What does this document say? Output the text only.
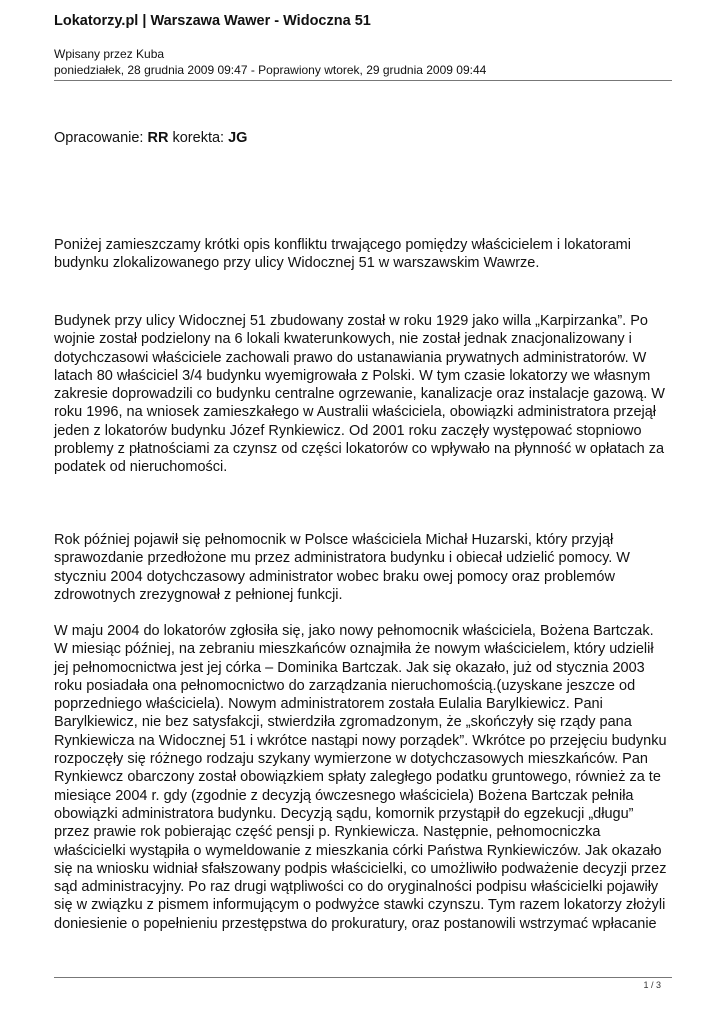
Lokatorzy.pl | Warszawa Wawer - Widoczna 51
Wpisany przez Kuba
poniedziałek, 28 grudnia 2009 09:47 - Poprawiony wtorek, 29 grudnia 2009 09:44
Opracowanie: RR korekta: JG
Poniżej zamieszczamy krótki opis konfliktu trwającego pomiędzy właścicielem i lokatorami
budynku zlokalizowanego przy ulicy Widocznej 51 w warszawskim Wawrze.
Budynek przy ulicy Widocznej 51 zbudowany został w roku 1929 jako willa „Karpirzanka”. Po
wojnie został podzielony na 6 lokali kwaterunkowych, nie został jednak znacjonalizowany i
dotychczasowi właściciele zachowali prawo do ustanawiania prywatnych administratorów. W
latach 80 właściciel 3/4 budynku wyemigrowała z Polski. W tym czasie lokatorzy we własnym
zakresie doprowadzili co budynku centralne ogrzewanie, kanalizacje oraz instalacje gazową. W
roku 1996, na wniosek zamieszkałego w Australii właściciela, obowiązki administratora przejął
jeden z lokatorów budynku Józef Rynkiewicz. Od 2001 roku zaczęły występować stopniowo
problemy z płatnościami za czynsz od części lokatorów co wpływało na płynność w opłatach za
podatek od nieruchomości.
Rok później pojawił się pełnomocnik w Polsce właściciela Michał Huzarski, który przyjął
sprawozdanie przedłożone mu przez administratora budynku i obiecał udzielić pomocy. W
styczniu 2004 dotychczasowy administrator wobec braku owej pomocy oraz problemów
zdrowotnych zrezygnował z pełnionej funkcji.
W maju 2004 do lokatorów zgłosiła się, jako nowy pełnomocnik właściciela, Bożena Bartczak.
W miesiąc później, na zebraniu mieszkańców oznajmiła że nowym właścicielem, który udzielił
jej pełnomocnictwa jest jej córka – Dominika Bartczak. Jak się okazało, już od stycznia 2003
roku posiadała ona pełnomocnictwo do zarządzania nieruchomością.(uzyskane jeszcze od
poprzedniego właściciela). Nowym administratorem została Eulalia Barylkiewicz. Pani
Barylkiewicz, nie bez satysfakcji, stwierdziła zgromadzonym, że „skończyły się rządy pana
Rynkiewicza na Widocznej 51 i wkrótce nastąpi nowy porządek”. Wkrótce po przejęciu budynku
rozpoczęły się różnego rodzaju szykany wymierzone w dotychczasowych mieszkańców. Pan
Rynkiewcz obarczony został obowiązkiem spłaty zaległego podatku gruntowego, również za te
miesiące 2004 r. gdy (zgodnie z decyzją ówczesnego właściciela) Bożena Bartczak pełniła
obowiązki administratora budynku. Decyzją sądu, komornik przystąpił do egzekucji „długu”
przez prawie rok pobierając część pensji p. Rynkiewicza. Następnie, pełnomocniczka
właścicielki wystąpiła o wymeldowanie z mieszkania córki Państwa Rynkiewiczów. Jak okazało
się na wniosku widniał sfałszowany podpis właścicielki, co umożliwiło podważenie decyzji przez
sąd administracyjny. Po raz drugi wątpliwości co do oryginalności podpisu właścicielki pojawiły
się w związku z pismem informującym o podwyżce stawki czynszu. Tym razem lokatorzy złożyli
doniesienie o popełnieniu przestępstwa do prokuratury, oraz postanowili wstrzymać wpłacanie
1 / 3
